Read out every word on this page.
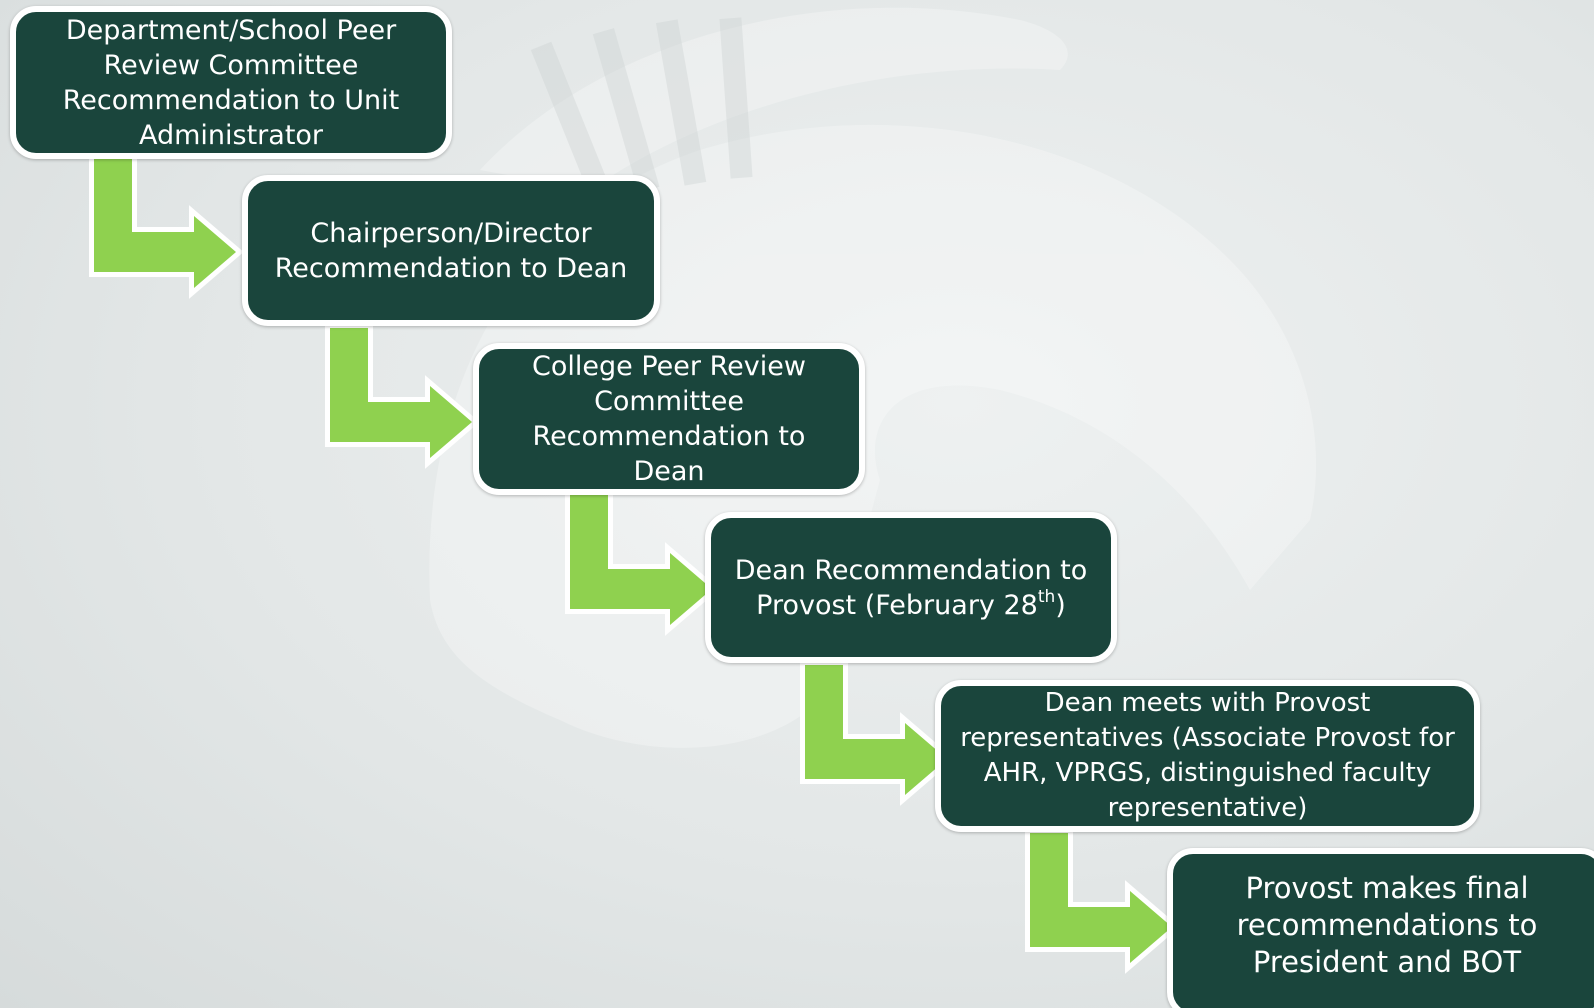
Department/School Peer Review Committee Recommendation to Unit Administrator
Chairperson/Director Recommendation to Dean
College Peer Review Committee Recommendation to Dean
Dean Recommendation to Provost (February 28th)
Dean meets with Provost representatives (Associate Provost for AHR, VPRGS, distinguished faculty representative)
Provost makes final recommendations to President and BOT
